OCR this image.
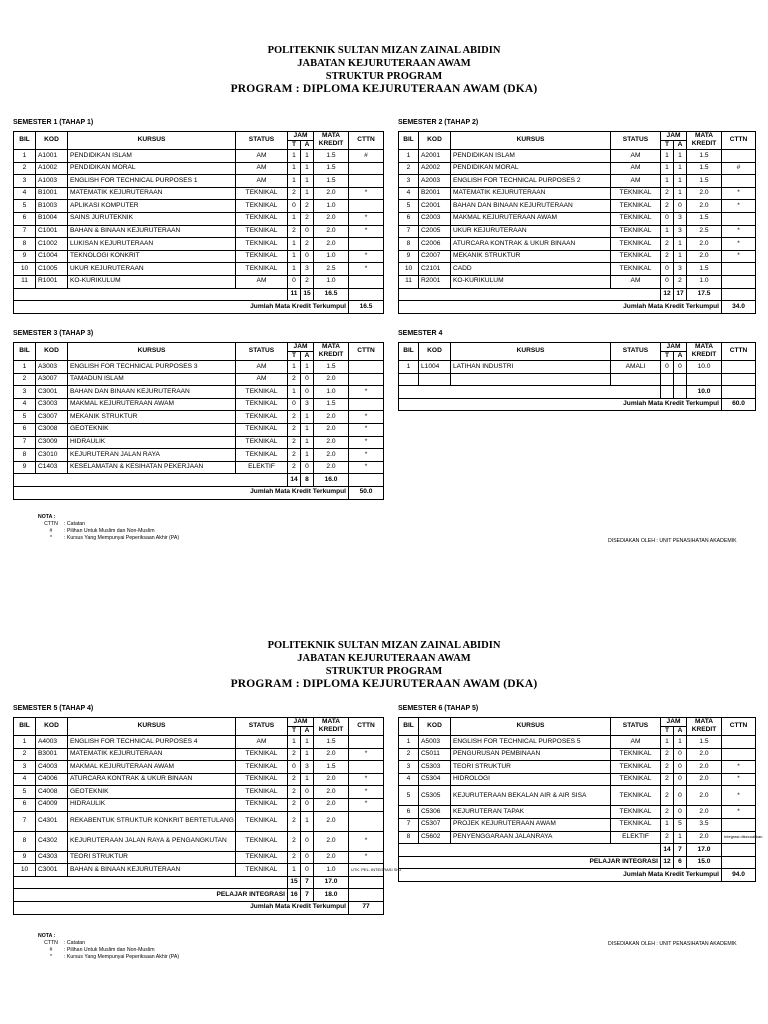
POLITEKNIK SULTAN MIZAN ZAINAL ABIDIN
JABATAN KEJURUTERAAN AWAM
STRUKTUR PROGRAM
PROGRAM : DIPLOMA KEJURUTERAAN AWAM (DKA)
SEMESTER 1 (TAHAP 1)
BIL	KOD	KURSUS	STATUS	JAM		MATA	CTTN
				T	A	KREDIT	
1	A1001	PENDIDIKAN ISLAM	AM	1	1	1.5	#
2	A1002	PENDIDIKAN MORAL	AM	1	1	1.5	
3	A1003	ENGLISH FOR TECHNICAL PURPOSES 1	AM	1	1	1.5	
4	B1001	MATEMATIK KEJURUTERAAN	TEKNIKAL	2	1	2.0	*
5	B1003	APLIKASI KOMPUTER	TEKNIKAL	0	2	1.0	
6	B1004	SAINS JURUTEKNIK	TEKNIKAL	1	2	2.0	*
7	C1001	BAHAN & BINAAN KEJURUTERAAN	TEKNIKAL	2	0	2.0	*
8	C1002	LUKISAN KEJURUTERAAN	TEKNIKAL	1	2	2.0	
9	C1004	TEKNOLOGI KONKRIT	TEKNIKAL	1	0	1.0	*
10	C1005	UKUR KEJURUTERAAN	TEKNIKAL	1	3	2.5	*
11	R1001	KO-KURIKULUM	AM	0	2	1.0	
				11	15	16.5	
Jumlah Mata Kredit Terkumpul							16.5
SEMESTER 2 (TAHAP 2)
BIL	KOD	KURSUS	STATUS	JAM		MATA	CTTN
				T	A	KREDIT	
1	A2001	PENDIDIKAN ISLAM	AM	1	1	1.5	
2	A2002	PENDIDIKAN MORAL	AM	1	1	1.5	#
3	A2003	ENGLISH FOR TECHNICAL PURPOSES 2	AM	1	1	1.5	
4	B2001	MATEMATIK KEJURUTERAAN	TEKNIKAL	2	1	2.0	*
5	C2001	BAHAN DAN BINAAN KEJURUTERAAN	TEKNIKAL	2	0	2.0	*
6	C2003	MAKMAL KEJURUTERAAN AWAM	TEKNIKAL	0	3	1.5	
7	C2005	UKUR KEJURUTERAAN	TEKNIKAL	1	3	2.5	*
8	C2006	ATURCARA KONTRAK & UKUR BINAAN	TEKNIKAL	2	1	2.0	*
9	C2007	MEKANIK STRUKTUR	TEKNIKAL	2	1	2.0	*
10	C2101	CADD	TEKNIKAL	0	3	1.5	
11	R2001	KO-KURIKULUM	AM	0	2	1.0	
				12	17	17.5	
Jumlah Mata Kredit Terkumpul							34.0
SEMESTER 3 (TAHAP 3)
BIL	KOD	KURSUS	STATUS	JAM		MATA	CTTN
				T	A	KREDIT	
1	A3003	ENGLISH FOR TECHNICAL PURPOSES 3	AM	1	1	1.5	
2	A3007	TAMADUN ISLAM	AM	2	0	2.0	
3	C3001	BAHAN DAN BINAAN KEJURUTERAAN	TEKNIKAL	1	0	1.0	*
4	C3003	MAKMAL KEJURUTERAAN AWAM	TEKNIKAL	0	3	1.5	
5	C3007	MEKANIK STRUKTUR	TEKNIKAL	2	1	2.0	*
6	C3008	GEOTEKNIK	TEKNIKAL	2	1	2.0	*
7	C3009	HIDRAULIK	TEKNIKAL	2	1	2.0	*
8	C3010	KEJURUTERAN JALAN RAYA	TEKNIKAL	2	1	2.0	*
9	C1403	KESELAMATAN & KESIHATAN PEKERJAAN	ELEKTIF	2	0	2.0	*
				14	8	16.0	
Jumlah Mata Kredit Terkumpul							50.0
SEMESTER 4
BIL	KOD	KURSUS	STATUS	JAM		MATA	CTTN
				T	A	KREDIT	
1	L1004	LATIHAN INDUSTRI	AMALI	0	0	10.0	

						10.0	
Jumlah Mata Kredit Terkumpul							60.0
NOTA :
CTTN	: Catatan
#	: Pilihan Untuk Muslim dan Non-Muslim
*	: Kursus Yang Mempunyai Peperiksaan Akhir (PA)	DISEDIAKAN OLEH : UNIT PENASIHATAN AKADEMIK
POLITEKNIK SULTAN MIZAN ZAINAL ABIDIN
JABATAN KEJURUTERAAN AWAM
STRUKTUR PROGRAM
PROGRAM : DIPLOMA KEJURUTERAAN AWAM (DKA)
SEMESTER 5 (TAHAP 4)
BIL	KOD	KURSUS	STATUS	JAM		MATA	CTTN
				T	A	KREDIT	
1	A4003	ENGLISH FOR TECHNICAL PURPOSES 4	AM	1	1	1.5	
2	B3001	MATEMATIK KEJURUTERAAN	TEKNIKAL	2	1	2.0	*
3	C4003	MAKMAL KEJURUTERAAN AWAM	TEKNIKAL	0	3	1.5	
4	C4006	ATURCARA KONTRAK & UKUR BINAAN	TEKNIKAL	2	1	2.0	*
5	C4008	GEOTEKNIK	TEKNIKAL	2	0	2.0	*
6	C4009	HIDRAULIK	TEKNIKAL	2	0	2.0	*
7	C4301	REKABENTUK STRUKTUR KONKRIT BERTETULANG	TEKNIKAL	2	1	2.0	
8	C4302	KEJURUTERAAN JALAN RAYA & PENGANGKUTAN	TEKNIKAL	2	0	2.0	*
9	C4303	TEORI STRUKTUR	TEKNIKAL	2	0	2.0	*
10	C3001	BAHAN & BINAAN KEJURUTERAAN	TEKNIKAL	1	0	1.0	UTK. PEL. INTEGRASI SHJ
				15	7	17.0	
PELAJAR INTEGRASI				16	7	18.0	
Jumlah Mata Kredit Terkumpul							77
SEMESTER 6 (TAHAP 5)
BIL	KOD	KURSUS	STATUS	JAM		MATA	CTTN
				T	A	KREDIT	
1	A5003	ENGLISH FOR TECHNICAL PURPOSES 5	AM	1	1	1.5	
2	C5011	PENGURUSAN PEMBINAAN	TEKNIKAL	2	0	2.0	
3	C5303	TEORI STRUKTUR	TEKNIKAL	2	0	2.0	*
4	C5304	HIDROLOGI	TEKNIKAL	2	0	2.0	*
5	C5305	KEJURUTERAAN BEKALAN AIR & AIR SISA	TEKNIKAL	2	0	2.0	*
6	C5306	KEJURUTERAN TAPAK	TEKNIKAL	2	0	2.0	*
7	C5307	PROJEK KEJURUTERAAN AWAM	TEKNIKAL	1	5	3.5	
8	C5602	PENYENGGARAAN JALANRAYA	ELEKTIF	2	1	2.0	Integrasi dikecualikan
				14	7	17.0	
PELAJAR INTEGRASI				12	6	15.0	
Jumlah Mata Kredit Terkumpul							94.0
NOTA :
CTTN	: Catatan
#	: Pilihan Untuk Muslim dan Non-Muslim
*	: Kursus Yang Mempunyai Peperiksaan Akhir (PA)
DISEDIAKAN OLEH : UNIT PENASIHATAN AKADEMIK
